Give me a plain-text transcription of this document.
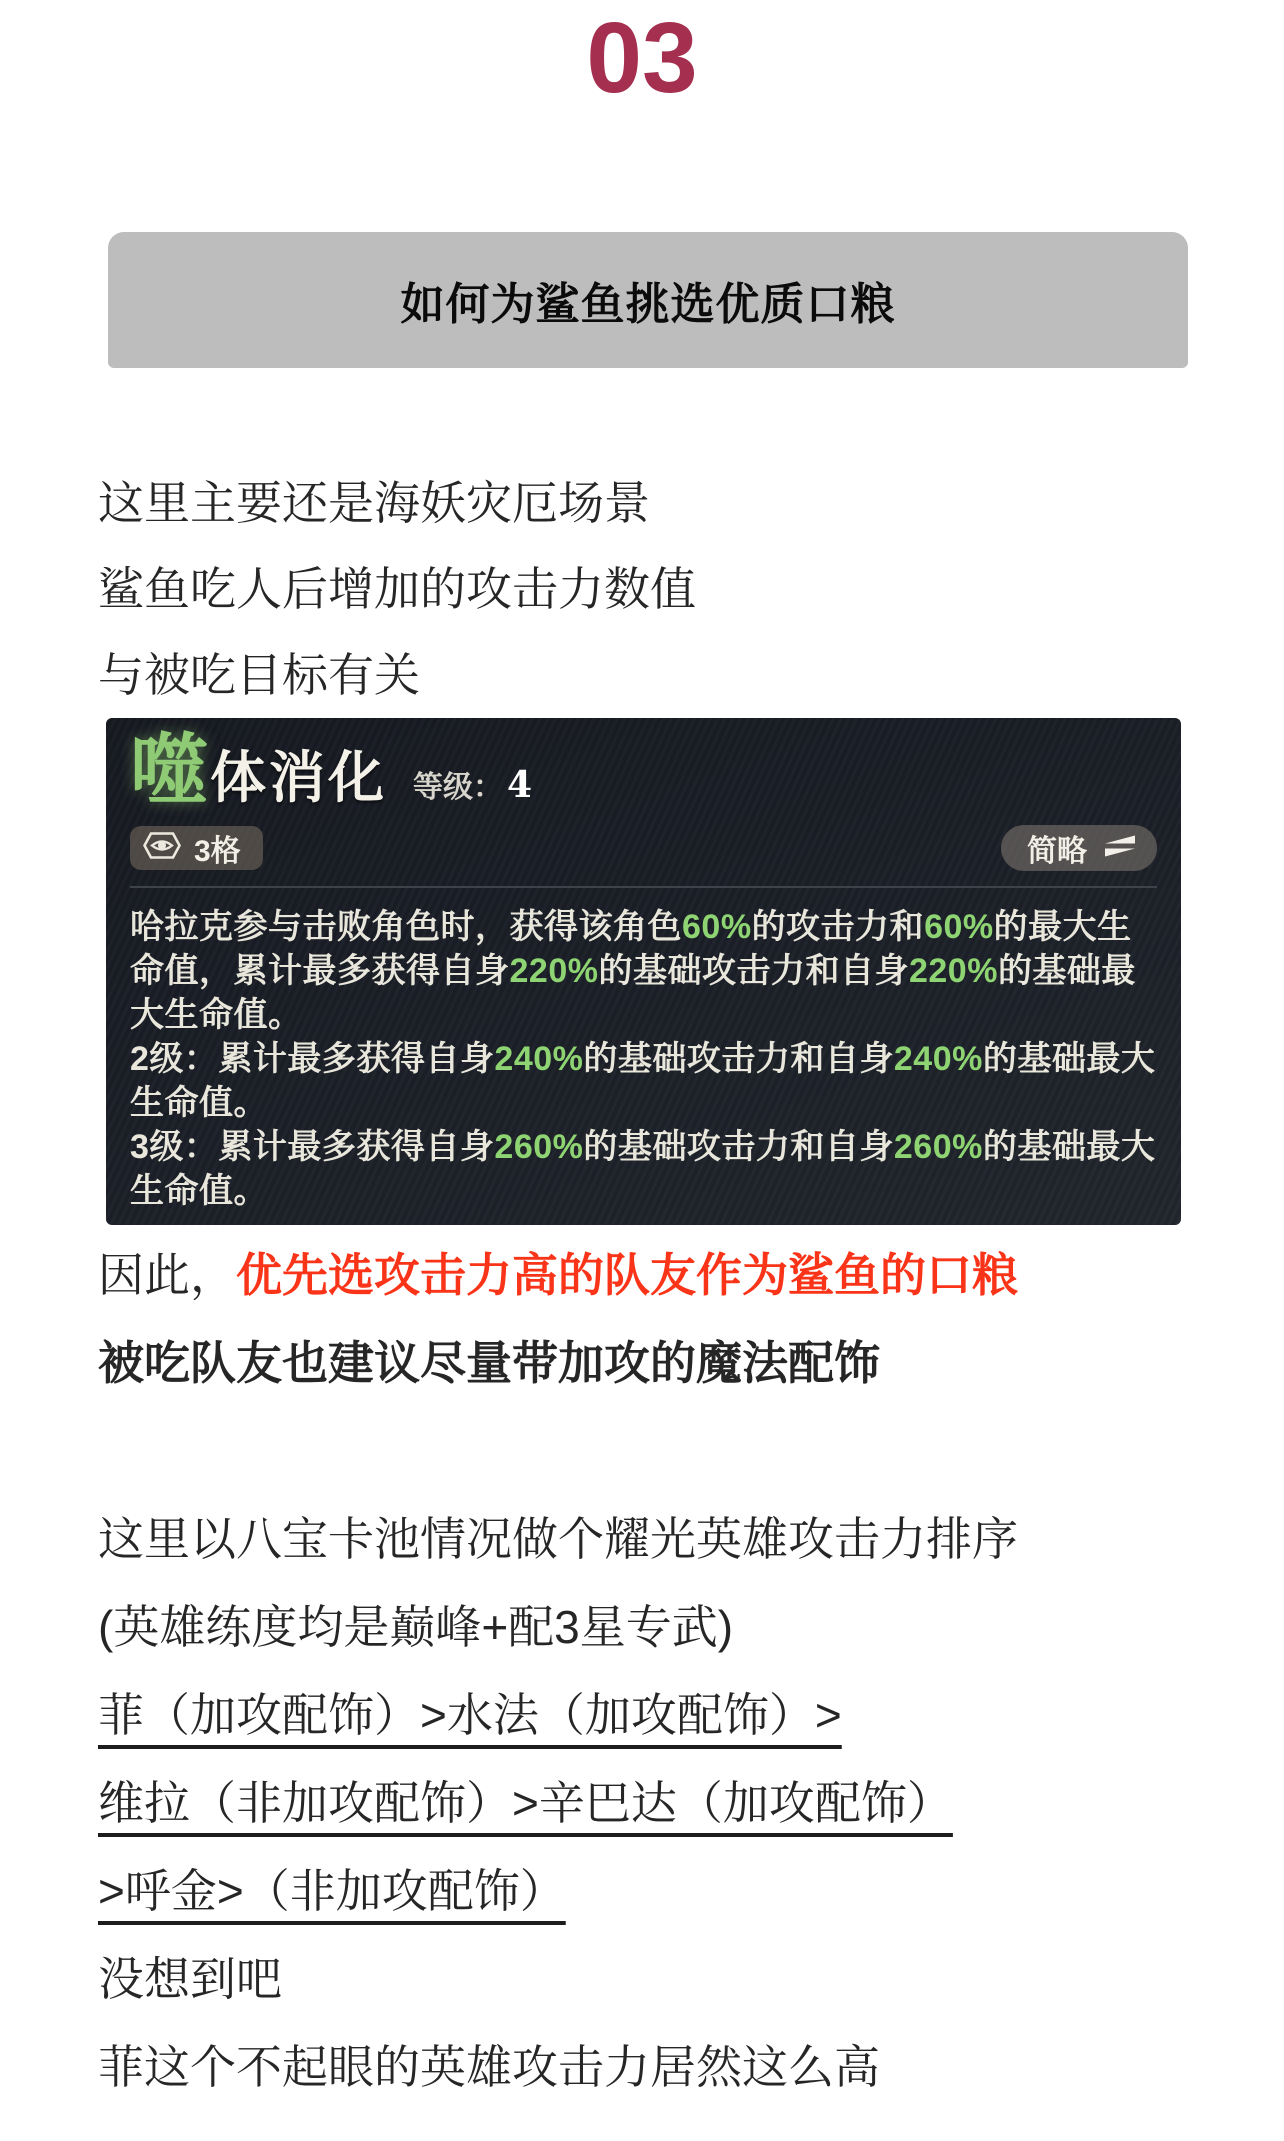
03
如何为鲨鱼挑选优质口粮

这里主要还是海妖灾厄场景

鲨鱼吃人后增加的攻击力数值

与被吃目标有关

噬 体消化 等级： 4
3格	简略

哈拉克参与击败角色时，获得该角色60%的攻击力和60%的最大生命值，累计最多获得自身220%的基础攻击力和自身220%的基础最大生命值。

2级：累计最多获得自身240%的基础攻击力和自身240%的基础最大生命值。

3级：累计最多获得自身260%的基础攻击力和自身260%的基础最大生命值。

因此，优先选攻击力高的队友作为鲨鱼的口粮

被吃队友也建议尽量带加攻的魔法配饰

这里以八宝卡池情况做个耀光英雄攻击力排序

(英雄练度均是巅峰+配3星专武)

菲（加攻配饰）>水法（加攻配饰）>

维拉（非加攻配饰）>辛巴达（加攻配饰）

>呼金>（非加攻配饰）

没想到吧

菲这个不起眼的英雄攻击力居然这么高
